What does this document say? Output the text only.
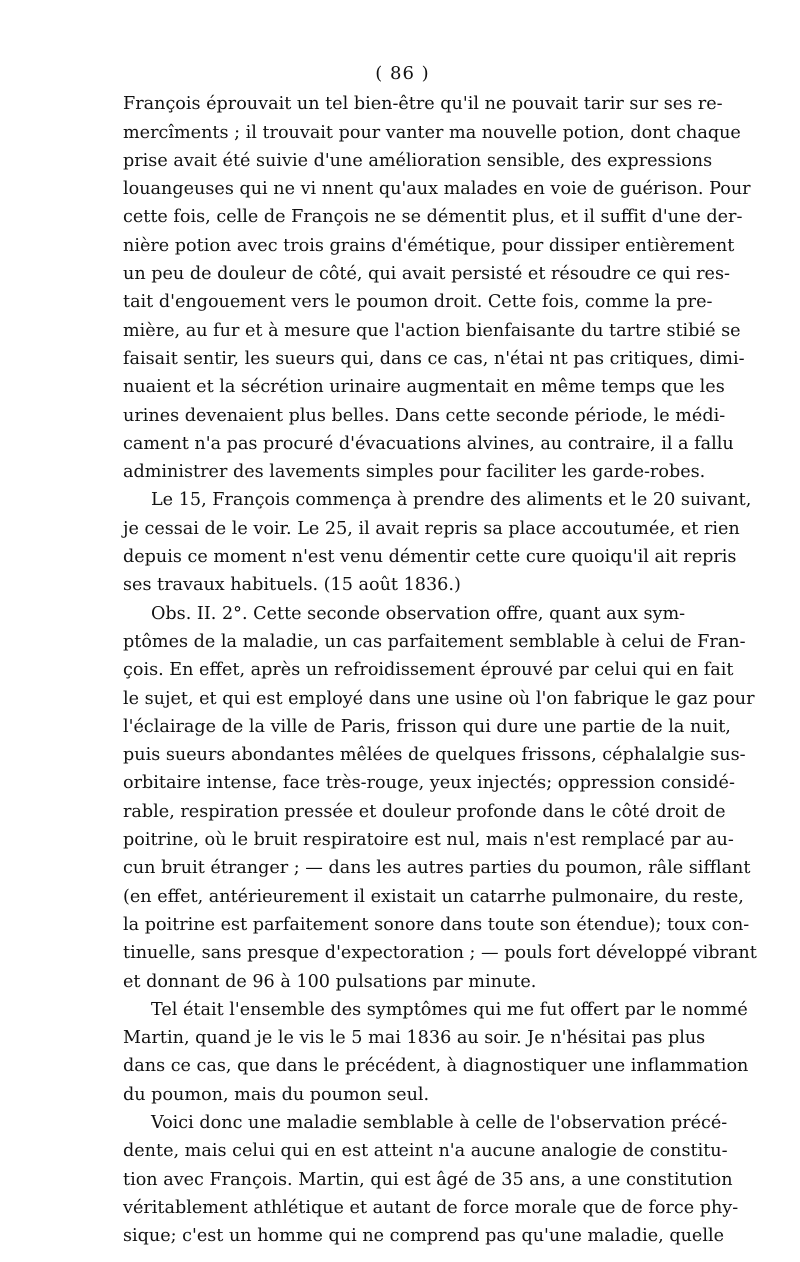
( 86 )
François éprouvait un tel bien-être qu'il ne pouvait tarir sur ses re-
mercîments ; il trouvait pour vanter ma nouvelle potion, dont chaque
prise avait été suivie d'une amélioration sensible, des expressions
louangeuses qui ne vi nnent qu'aux malades en voie de guérison. Pour
cette fois, celle de François ne se démentit plus, et il suffit d'une der-
nière potion avec trois grains d'émétique, pour dissiper entièrement
un peu de douleur de côté, qui avait persisté et résoudre ce qui res-
tait d'engouement vers le poumon droit. Cette fois, comme la pre-
mière, au fur et à mesure que l'action bienfaisante du tartre stibié se
faisait sentir, les sueurs qui, dans ce cas, n'étai nt pas critiques, dimi-
nuaient et la sécrétion urinaire augmentait en même temps que les
urines devenaient plus belles. Dans cette seconde période, le médi-
cament n'a pas procuré d'évacuations alvines, au contraire, il a fallu
administrer des lavements simples pour faciliter les garde-robes.
Le 15, François commença à prendre des aliments et le 20 suivant,
je cessai de le voir. Le 25, il avait repris sa place accoutumée, et rien
depuis ce moment n'est venu démentir cette cure quoiqu'il ait repris
ses travaux habituels. (15 août 1836.)
Obs. II. 2°. Cette seconde observation offre, quant aux sym-
ptômes de la maladie, un cas parfaitement semblable à celui de Fran-
çois. En effet, après un refroidissement éprouvé par celui qui en fait
le sujet, et qui est employé dans une usine où l'on fabrique le gaz pour
l'éclairage de la ville de Paris, frisson qui dure une partie de la nuit,
puis sueurs abondantes mêlées de quelques frissons, céphalalgie sus-
orbitaire intense, face très-rouge, yeux injectés; oppression considé-
rable, respiration pressée et douleur profonde dans le côté droit de
poitrine, où le bruit respiratoire est nul, mais n'est remplacé par au-
cun bruit étranger ; — dans les autres parties du poumon, râle sifflant
(en effet, antérieurement il existait un catarrhe pulmonaire, du reste,
la poitrine est parfaitement sonore dans toute son étendue); toux con-
tinuelle, sans presque d'expectoration ; — pouls fort développé vibrant
et donnant de 96 à 100 pulsations par minute.
Tel était l'ensemble des symptômes qui me fut offert par le nommé
Martin, quand je le vis le 5 mai 1836 au soir. Je n'hésitai pas plus
dans ce cas, que dans le précédent, à diagnostiquer une inflammation
du poumon, mais du poumon seul.
Voici donc une maladie semblable à celle de l'observation précé-
dente, mais celui qui en est atteint n'a aucune analogie de constitu-
tion avec François. Martin, qui est âgé de 35 ans, a une constitution
véritablement athlétique et autant de force morale que de force phy-
sique; c'est un homme qui ne comprend pas qu'une maladie, quelle
